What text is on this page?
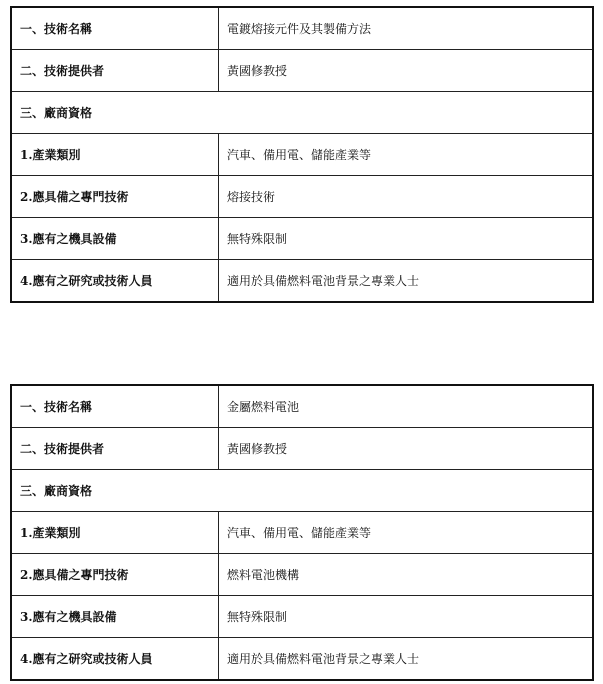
一、技術名稱	電鍍熔接元件及其製備方法
二、技術提供者	黃國修教授
三、廠商資格	
1.產業類別	汽車、備用電、儲能產業等
2.應具備之專門技術	熔接技術
3.應有之機具設備	無特殊限制
4.應有之研究或技術人員	適用於具備燃料電池背景之專業人士
一、技術名稱	金屬燃料電池
二、技術提供者	黃國修教授
三、廠商資格	
1.產業類別	汽車、備用電、儲能產業等
2.應具備之專門技術	燃料電池機構
3.應有之機具設備	無特殊限制
4.應有之研究或技術人員	適用於具備燃料電池背景之專業人士
